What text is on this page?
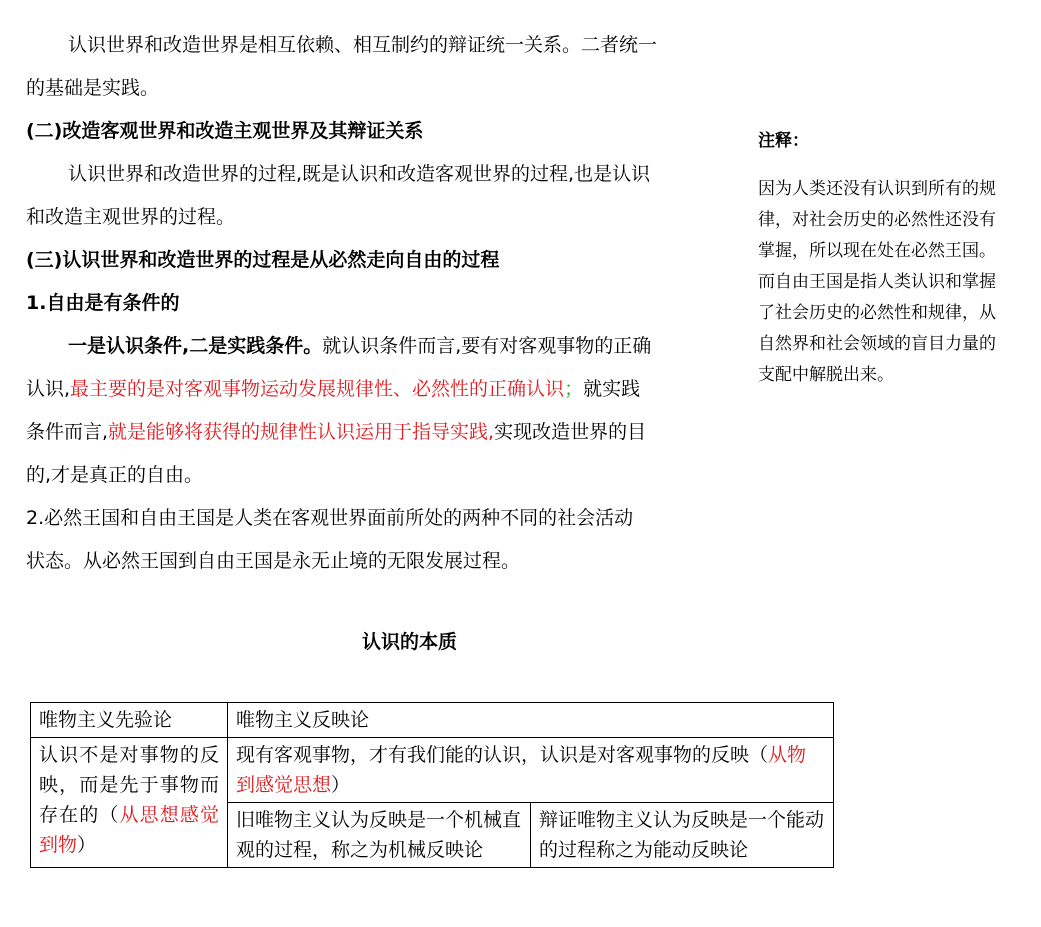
认识世界和改造世界是相互依赖、相互制约的辩证统一关系。二者统一
的基础是实践。
(二)改造客观世界和改造主观世界及其辩证关系
认识世界和改造世界的过程,既是认识和改造客观世界的过程,也是认识
和改造主观世界的过程。
(三)认识世界和改造世界的过程是从必然走向自由的过程
1.自由是有条件的
一是认识条件,二是实践条件。就认识条件而言,要有对客观事物的正确
认识,最主要的是对客观事物运动发展规律性、必然性的正确认识；就实践
条件而言,就是能够将获得的规律性认识运用于指导实践,实现改造世界的目
的,才是真正的自由。
2.必然王国和自由王国是人类在客观世界面前所处的两种不同的社会活动
状态。从必然王国到自由王国是永无止境的无限发展过程。
注释：
因为人类还没有认识到所有的规
律，对社会历史的必然性还没有
掌握，所以现在处在必然王国。
而自由王国是指人类认识和掌握
了社会历史的必然性和规律，从
自然界和社会领域的盲目力量的
支配中解脱出来。
认识的本质
唯物主义先验论	唯物主义反映论	
认识不是对事物的反映，而是先于事物而存在的（从思想感觉到物）	现有客观事物，才有我们能的认识，认识是对客观事物的反映（从物到感觉思想）	
	旧唯物主义认为反映是一个机械直观的过程，称之为机械反映论	辩证唯物主义认为反映是一个能动的过程称之为能动反映论
